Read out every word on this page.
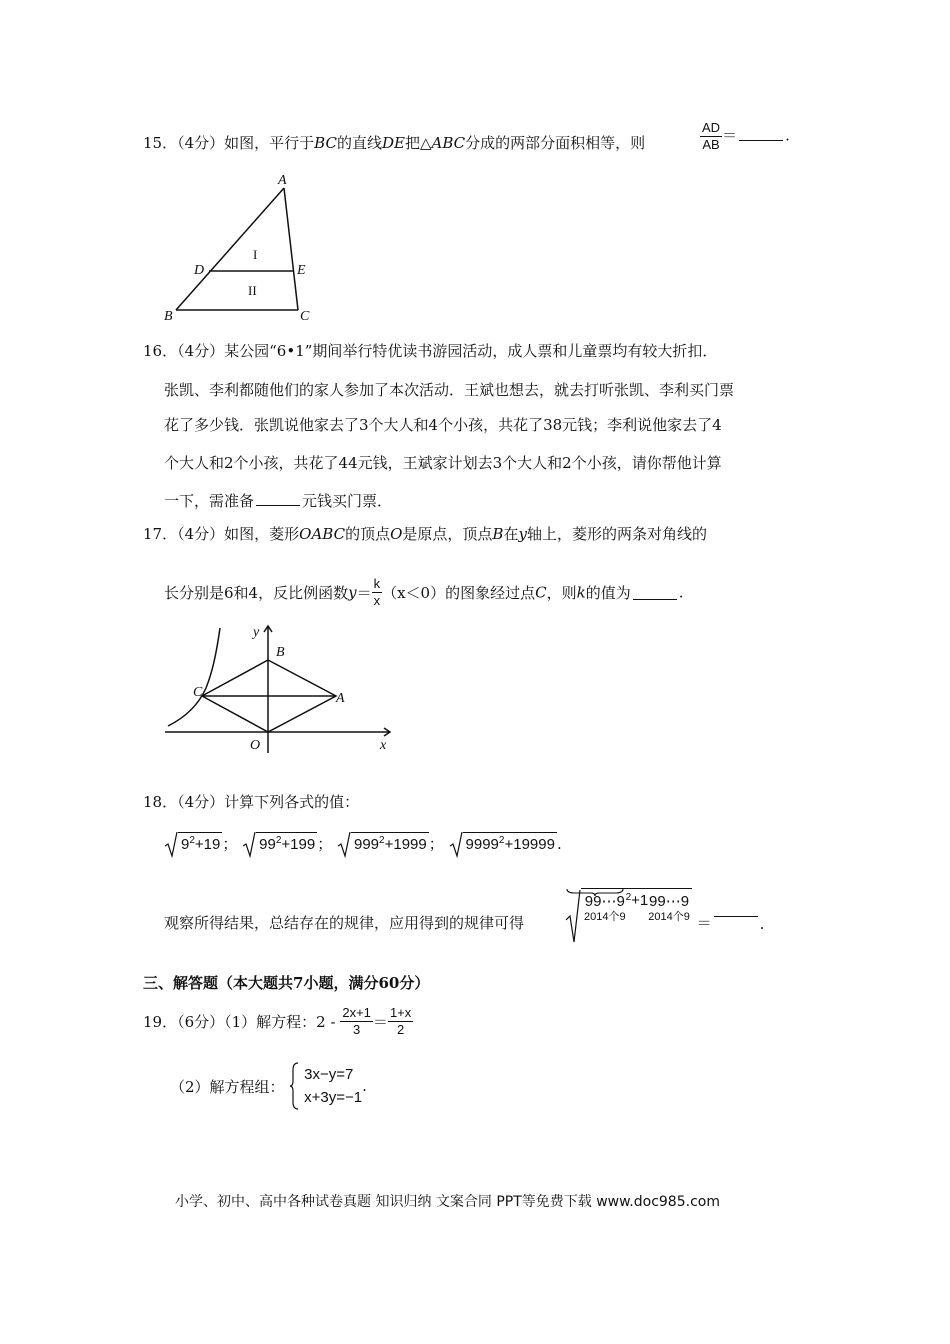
15．（4分）如图，平行于BC的直线DE把△ABC分成的两部分面积相等，则	$\frac{AD}{AB}$ ＝	.
A
D	E
B	C
I
II
16．（4分）某公园“6•1”期间举行特优读书游园活动，成人票和儿童票均有较大折扣．
张凯、李利都随他们的家人参加了本次活动．王斌也想去，就去打听张凯、李利买门票
花了多少钱．张凯说他家去了3个大人和4个小孩，共花了38元钱；李利说他家去了4
个大人和2个小孩，共花了44元钱，王斌家计划去3个大人和2个小孩，请你帮他计算
一下，需准备	元钱买门票．
17．（4分）如图，菱形OABC的顶点O是原点，顶点B在y轴上，菱形的两条对角线的
长分别是6和4，反比例函数$y= \frac{k}{x} (x<0)$的图象经过点C，则k的值为	.
y
B
C	A
O	x
18．（4分）计算下列各式的值：
$9^2+19$ ； $99^2+199$ ； $999^2+1999$ ； $9999^2+19999$ .
观察所得结果，总结存在的规律，应用得到的规律可得
99⋯9
2014个9
$^2$+1 99⋯9
2014个9 ＝	.
三、解答题（本大题共7小题，满分60分）
19．（6分）（1）解方程：$2 - \frac{2x+1}{3} = \frac{1+x}{2}$
（2）解方程组：
3x−y=7
x+3y=−1
.
小学、初中、高中各种试卷真题 知识归纳 文案合同 PPT等免费下载 www.doc985.com
